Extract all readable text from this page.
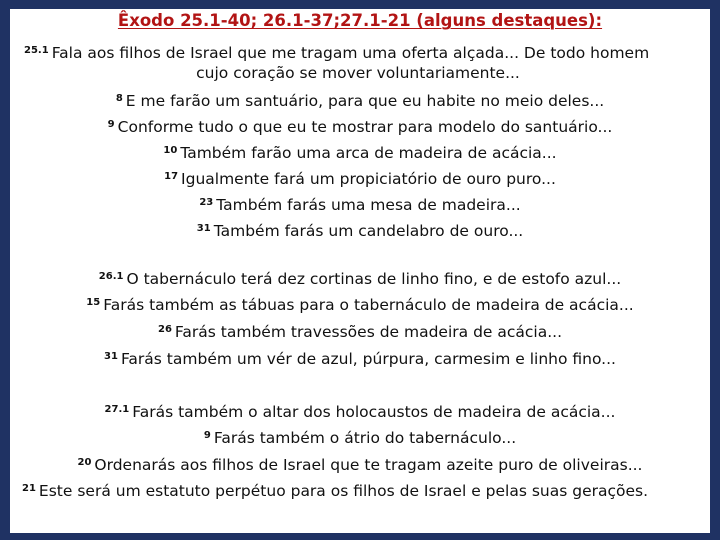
Êxodo 25.1-40; 26.1-37;27.1-21 (alguns destaques):
$^{25.1}$ Fala aos filhos de Israel que me tragam uma oferta alçada... De todo homem
cujo coração se mover voluntariamente...
$^8$ E me farão um santuário, para que eu habite no meio deles...
$^9$ Conforme tudo o que eu te mostrar para modelo do santuário...
$^{10}$ Também farão uma arca de madeira de acácia...
$^{17}$ Igualmente fará um propiciatório de ouro puro...
$^{23}$ Também farás uma mesa de madeira...
$^{31}$ Também farás um candelabro de ouro...
$^{26.1}$ O tabernáculo terá dez cortinas de linho fino, e de estofo azul...
$^{15}$ Farás também as tábuas para o tabernáculo de madeira de acácia...
$^{26}$ Farás também travessões de madeira de acácia...
$^{31}$ Farás também um vér de azul, púrpura, carmesim e linho fino...
$^{27.1}$ Farás também o altar dos holocaustos de madeira de acácia...
$^9$ Farás também o átrio do tabernáculo...
$^{20}$ Ordenarás aos filhos de Israel que te tragam azeite puro de oliveiras...
$^{21}$ Este será um estatuto perpétuo para os filhos de Israel e pelas suas gerações.
